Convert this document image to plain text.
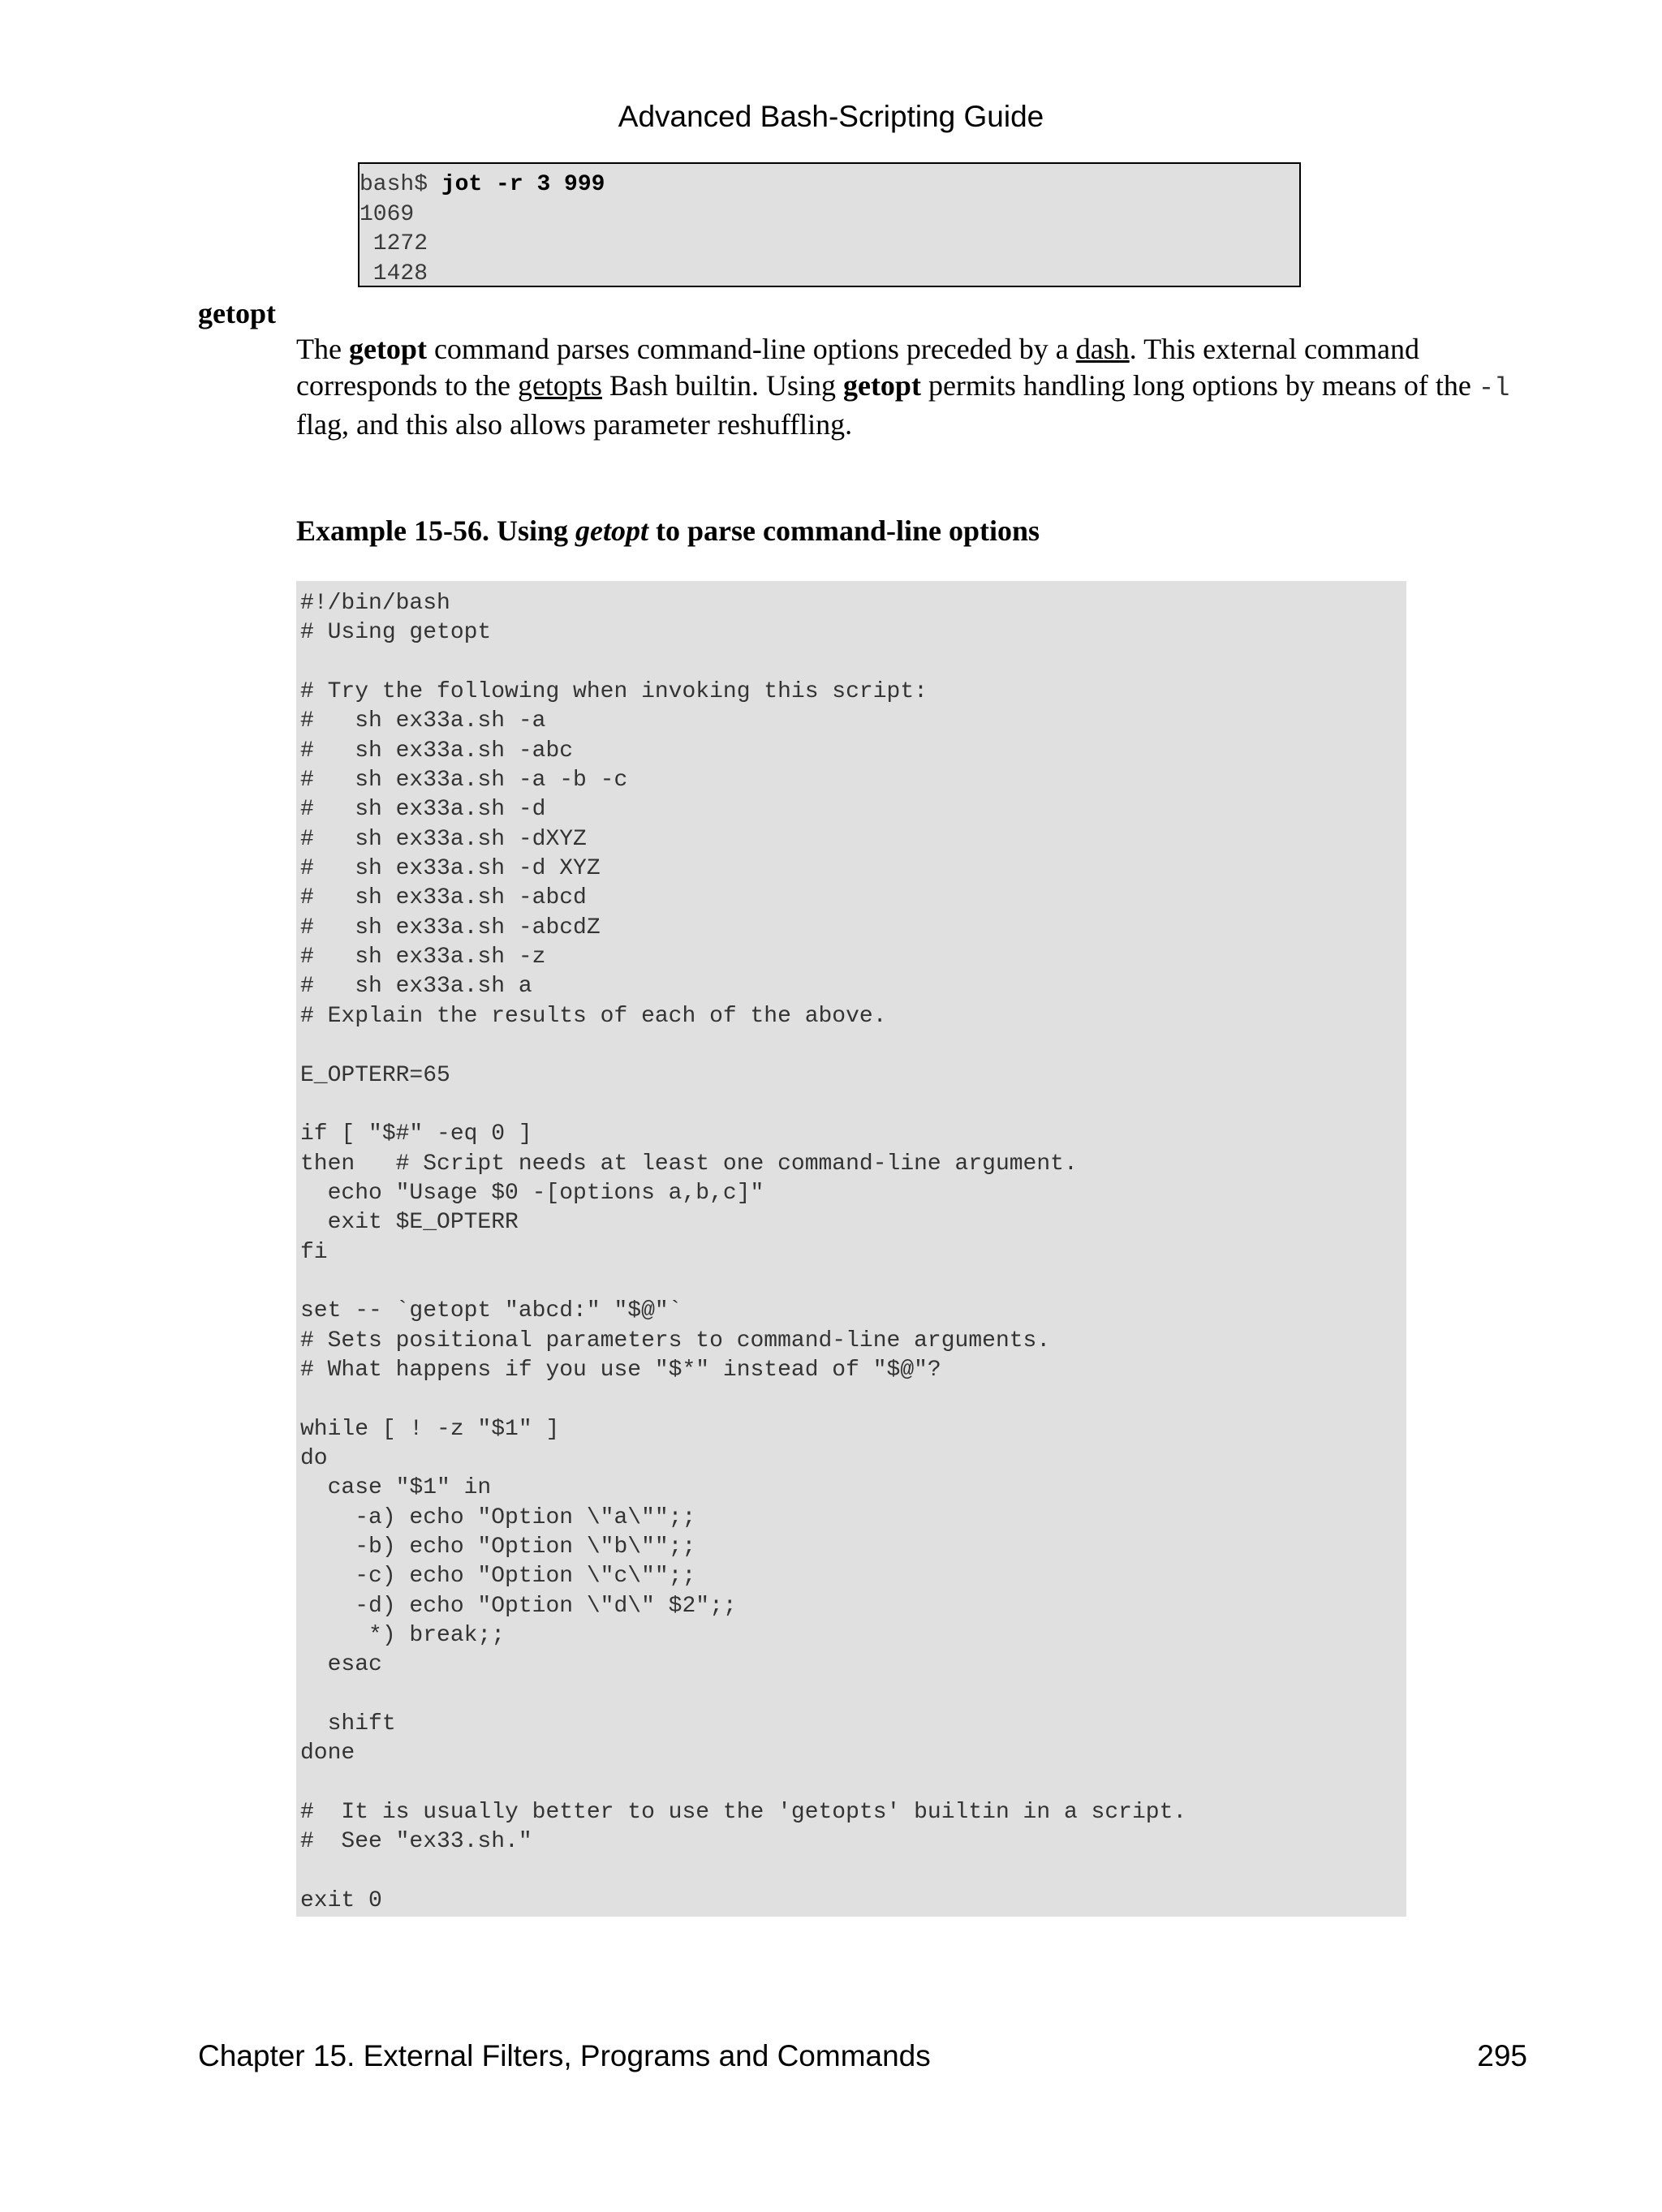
Advanced Bash-Scripting Guide
bash$ jot -r 3 999
1069
1272
1428
getopt
The getopt command parses command-line options preceded by a dash. This external command corresponds to the getopts Bash builtin. Using getopt permits handling long options by means of the -l flag, and this also allows parameter reshuffling.
Example 15-56. Using getopt to parse command-line options
#!/bin/bash
# Using getopt
# Try the following when invoking this script:
#   sh ex33a.sh -a
#   sh ex33a.sh -abc
#   sh ex33a.sh -a -b -c
#   sh ex33a.sh -d
#   sh ex33a.sh -dXYZ
#   sh ex33a.sh -d XYZ
#   sh ex33a.sh -abcd
#   sh ex33a.sh -abcdZ
#   sh ex33a.sh -z
#   sh ex33a.sh a
# Explain the results of each of the above.
E_OPTERR=65
if [ "$#" -eq 0 ]
then   # Script needs at least one command-line argument.
echo "Usage $0 -[options a,b,c]"
exit $E_OPTERR
fi
set -- `getopt "abcd:" "$@"`
# Sets positional parameters to command-line arguments.
# What happens if you use "$*" instead of "$@"?
while [ ! -z "$1" ]
do
case "$1" in
-a) echo "Option \"a\"";;
-b) echo "Option \"b\"";;
-c) echo "Option \"c\"";;
-d) echo "Option \"d\" $2";;
*) break;;
esac
shift
done
#  It is usually better to use the 'getopts' builtin in a script.
#  See "ex33.sh."
exit 0
Chapter 15. External Filters, Programs and Commands	295
